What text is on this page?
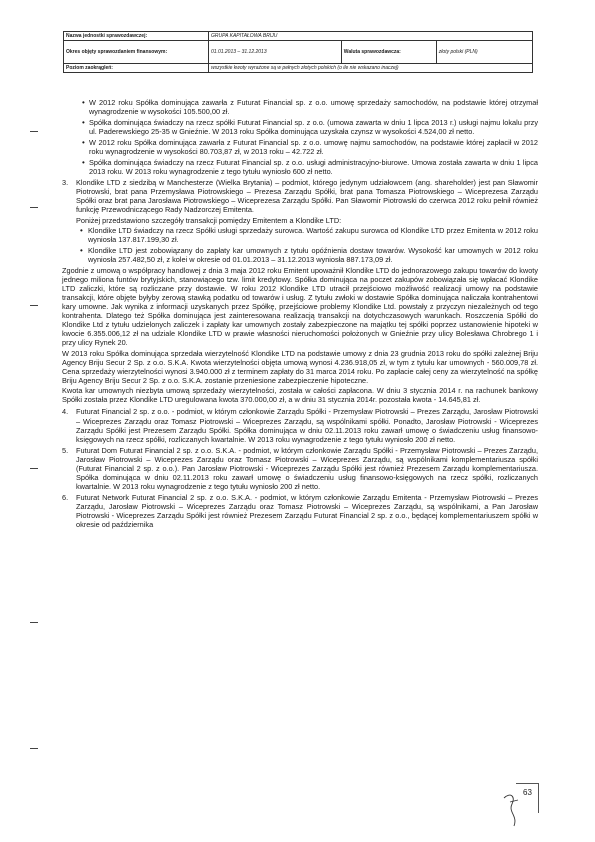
Nazwa jednostki sprawozdawczej:	GRUPA KAPITAŁOWA BRIJU		
Okres objęty sprawozdaniem finansowym:	01.01.2013 – 31.12.2013	Waluta sprawozdawcza:	złoty polski (PLN)
Poziom zaokrągleń:	wszystkie kwoty wyrażone są w pełnych złotych polskich (o ile nie wskazano inaczej)		
• W 2012 roku Spółka dominująca zawarła z Futurat Financial sp. z o.o. umowę sprzedaży samochodów, na podstawie której otrzymał wynagrodzenie w wysokości 105.500,00 zł.
• Spółka dominująca świadczy na rzecz spółki Futurat Financial sp. z o.o. (umowa zawarta w dniu 1 lipca 2013 r.) usługi najmu lokalu przy ul. Paderewskiego 25-35 w Gnieźnie. W 2013 roku Spółka dominująca uzyskała czynsz w wysokości 4.524,00 zł netto.
• W 2012 roku Spółka dominująca zawarła z Futurat Financial sp. z o.o. umowę najmu samochodów, na podstawie której zapłacił w 2012 roku wynagrodzenie w wysokości 80.703,87 zł, w 2013 roku – 42.722 zł.
• Spółka dominująca świadczy na rzecz Futurat Financial sp. z o.o. usługi administracyjno-biurowe. Umowa została zawarta w dniu 1 lipca 2013 roku. W 2013 roku wynagrodzenie z tego tytułu wyniosło 600 zł netto.
3. Klondike LTD z siedzibą w Manchesterze (Wielka Brytania) – podmiot, którego jedynym udziałowcem (ang. shareholder) jest pan Sławomir Piotrowski, brat pana Przemysława Piotrowskiego – Prezesa Zarządu Spółki, brat pana Tomasza Piotrowskiego – Wiceprezesa Zarządu Spółki oraz brat pana Jarosława Piotrowskiego – Wiceprezesa Zarządu Spółki. Pan Sławomir Piotrowski do czerwca 2012 roku pełnił również funkcję Przewodniczącego Rady Nadzorczej Emitenta.

Poniżej przedstawiono szczegóły transakcji pomiędzy Emitentem a Klondike LTD:

• Klondike LTD świadczy na rzecz Spółki usługi sprzedaży surowca. Wartość zakupu surowca od Klondike LTD przez Emitenta w 2012 roku wyniosła 137.817.199,30 zł.
• Klondike LTD jest zobowiązany do zapłaty kar umownych z tytułu opóźnienia dostaw towarów. Wysokość kar umownych w 2012 roku wyniosła 257.482,50 zł, z kolei w okresie od 01.01.2013 – 31.12.2013 wyniosła 887.173,09 zł.

Zgodnie z umową o współpracy handlowej z dnia 3 maja 2012 roku Emitent upoważnił Klondike LTD do jednorazowego zakupu towarów do kwoty jednego miliona funtów brytyjskich, stanowiącego tzw. limit kredytowy. Spółka dominująca na poczet zakupów zobowiązała się wpłacać Klondike LTD zaliczki, które są rozliczane przy dostawie. W roku 2012 Klondike LTD utracił przejściowo możliwość realizacji umowy na podstawie transakcji, które objęte byłyby zerową stawką podatku od towarów i usług. Z tytułu zwłoki w dostawie Spółka dominująca naliczała kontrahentowi kary umowne. Jak wynika z informacji uzyskanych przez Spółkę, przejściowe problemy Klondike Ltd. powstały z przyczyn niezależnych od tego kontrahenta. Dlatego też Spółka dominująca jest zainteresowana realizacją transakcji na dotychczasowych warunkach. Roszczenia Spółki do Klondike Ltd z tytułu udzielonych zaliczek i zapłaty kar umownych zostały zabezpieczone na majątku tej spółki poprzez ustanowienie hipoteki w kwocie 6.355.006,12 zł na udziale Klondike LTD w prawie własności nieruchomości położonych w Gnieźnie przy ulicy Bolesława Chrobrego 1 i przy ulicy Rynek 20.

W 2013 roku Spółka dominująca sprzedała wierzytelność Klondike LTD na podstawie umowy z dnia 23 grudnia 2013 roku do spółki zależnej Briju Agency Briju Secur 2 Sp. z o.o. S.K.A. Kwota wierzytelności objęta umową wynosi 4.236.918,05 zł, w tym z tytułu kar umownych - 560.009,78 zł. Cena sprzedaży wierzytelności wynosi 3.940.000 zł z terminem zapłaty do 31 marca 2014 roku. Po zapłacie całej ceny za wierzytelność na spółkę Briju Agency Briju Secur 2 Sp. z o.o. S.K.A. zostanie przeniesione zabezpieczenie hipoteczne.

Kwota kar umownych niezbyta umową sprzedaży wierzytelności, została w całości zapłacona. W dniu 3 stycznia 2014 r. na rachunek bankowy Spółki została przez Klondike LTD uregulowana kwota 370.000,00 zł, a w dniu 31 stycznia 2014r. pozostała kwota - 14.645,81 zł.

4. Futurat Financial 2 sp. z o.o. - podmiot, w którym członkowie Zarządu Spółki - Przemysław Piotrowski – Prezes Zarządu, Jarosław Piotrowski – Wiceprezes Zarządu oraz Tomasz Piotrowski – Wiceprezes Zarządu, są wspólnikami spółki. Ponadto, Jarosław Piotrowski - Wiceprezes Zarządu Spółki jest Prezesem Zarządu Spółki. Spółka dominująca w dniu 02.11.2013 roku zawarł umowę o świadczeniu usług finansowo-księgowych na rzecz spółki, rozliczanych kwartalnie. W 2013 roku wynagrodzenie z tego tytułu wyniosło 200 zł netto.
5. Futurat Dom Futurat Financial 2 sp. z o.o. S.K.A. - podmiot, w którym członkowie Zarządu Spółki - Przemysław Piotrowski – Prezes Zarządu, Jarosław Piotrowski – Wiceprezes Zarządu oraz Tomasz Piotrowski – Wiceprezes Zarządu, są wspólnikami komplementariusza spółki (Futurat Financial 2 sp. z o.o.). Pan Jarosław Piotrowski - Wiceprezes Zarządu Spółki jest również Prezesem Zarządu komplementariusza. Spółka dominująca w dniu 02.11.2013 roku zawarł umowę o świadczeniu usług finansowo-księgowych na rzecz spółki, rozliczanych kwartalnie. W 2013 roku wynagrodzenie z tego tytułu wyniosło 200 zł netto.
6. Futurat Network Futurat Financial 2 sp. z o.o. S.K.A. - podmiot, w którym członkowie Zarządu Emitenta - Przemysław Piotrowski – Prezes Zarządu, Jarosław Piotrowski – Wiceprezes Zarządu oraz Tomasz Piotrowski – Wiceprezes Zarządu, są wspólnikami, a Pan Jarosław Piotrowski - Wiceprezes Zarządu Spółki jest również Prezesem Zarządu Futurat Financial 2 sp. z o.o., będącej komplementariuszem spółki w okresie od października
63
